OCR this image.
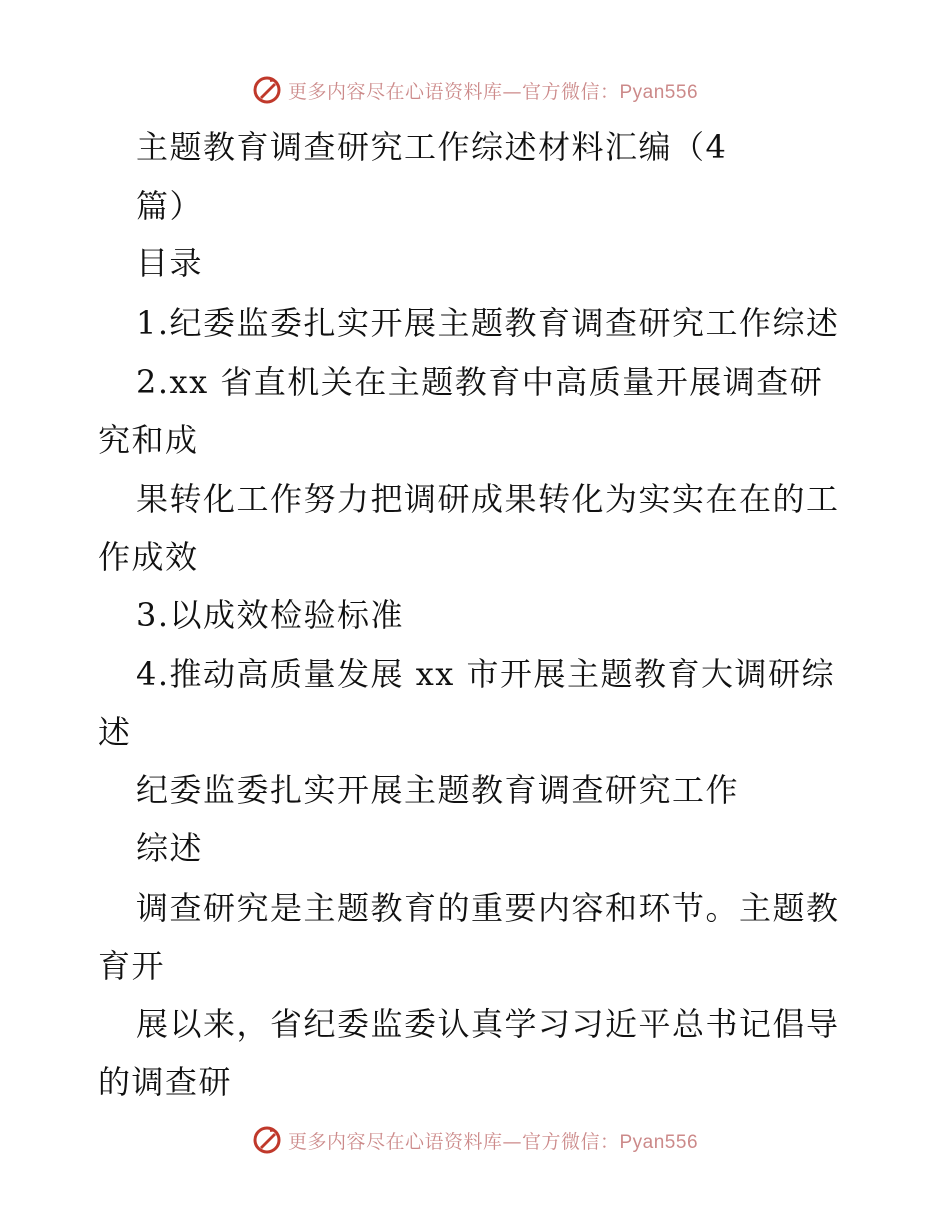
更多内容尽在心语资料库—官方微信：Pyan556
主题教育调查研究工作综述材料汇编（4
篇）
目录
1.纪委监委扎实开展主题教育调查研究工作综述
2.xx 省直机关在主题教育中高质量开展调查研
究和成
果转化工作努力把调研成果转化为实实在在的工
作成效
3.以成效检验标准
4.推动高质量发展 xx 市开展主题教育大调研综
述
纪委监委扎实开展主题教育调查研究工作
综述
调查研究是主题教育的重要内容和环节。主题教
育开
展以来，省纪委监委认真学习习近平总书记倡导
的调查研
更多内容尽在心语资料库—官方微信：Pyan556
